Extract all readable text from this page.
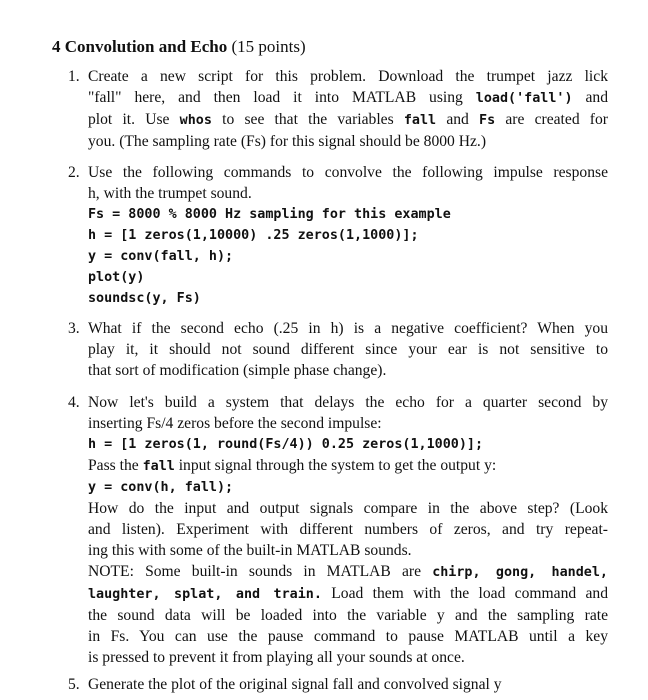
4 Convolution and Echo (15 points)
1. Create a new script for this problem. Download the trumpet jazz lick
"fall" here, and then load it into MATLAB using load('fall') and
plot it. Use whos to see that the variables fall and Fs are created for
you. (The sampling rate (Fs) for this signal should be 8000 Hz.)
2. Use the following commands to convolve the following impulse response
h, with the trumpet sound.
Fs = 8000 % 8000 Hz sampling for this example
h = [1 zeros(1,10000) .25 zeros(1,1000)];
y = conv(fall, h);
plot(y)
soundsc(y, Fs)
3. What if the second echo (.25 in h) is a negative coefficient? When you
play it, it should not sound different since your ear is not sensitive to
that sort of modification (simple phase change).
4. Now let's build a system that delays the echo for a quarter second by
inserting Fs/4 zeros before the second impulse:
h = [1 zeros(1, round(Fs/4)) 0.25 zeros(1,1000)];
Pass the fall input signal through the system to get the output y:
y = conv(h, fall);
How do the input and output signals compare in the above step? (Look
and listen). Experiment with different numbers of zeros, and try repeat-
ing this with some of the built-in MATLAB sounds.
NOTE: Some built-in sounds in MATLAB are chirp, gong, handel,
laughter, splat, and train. Load them with the load command and
the sound data will be loaded into the variable y and the sampling rate
in Fs. You can use the pause command to pause MATLAB until a key
is pressed to prevent it from playing all your sounds at once.
5. Generate the plot of the original signal fall and convolved signal y
